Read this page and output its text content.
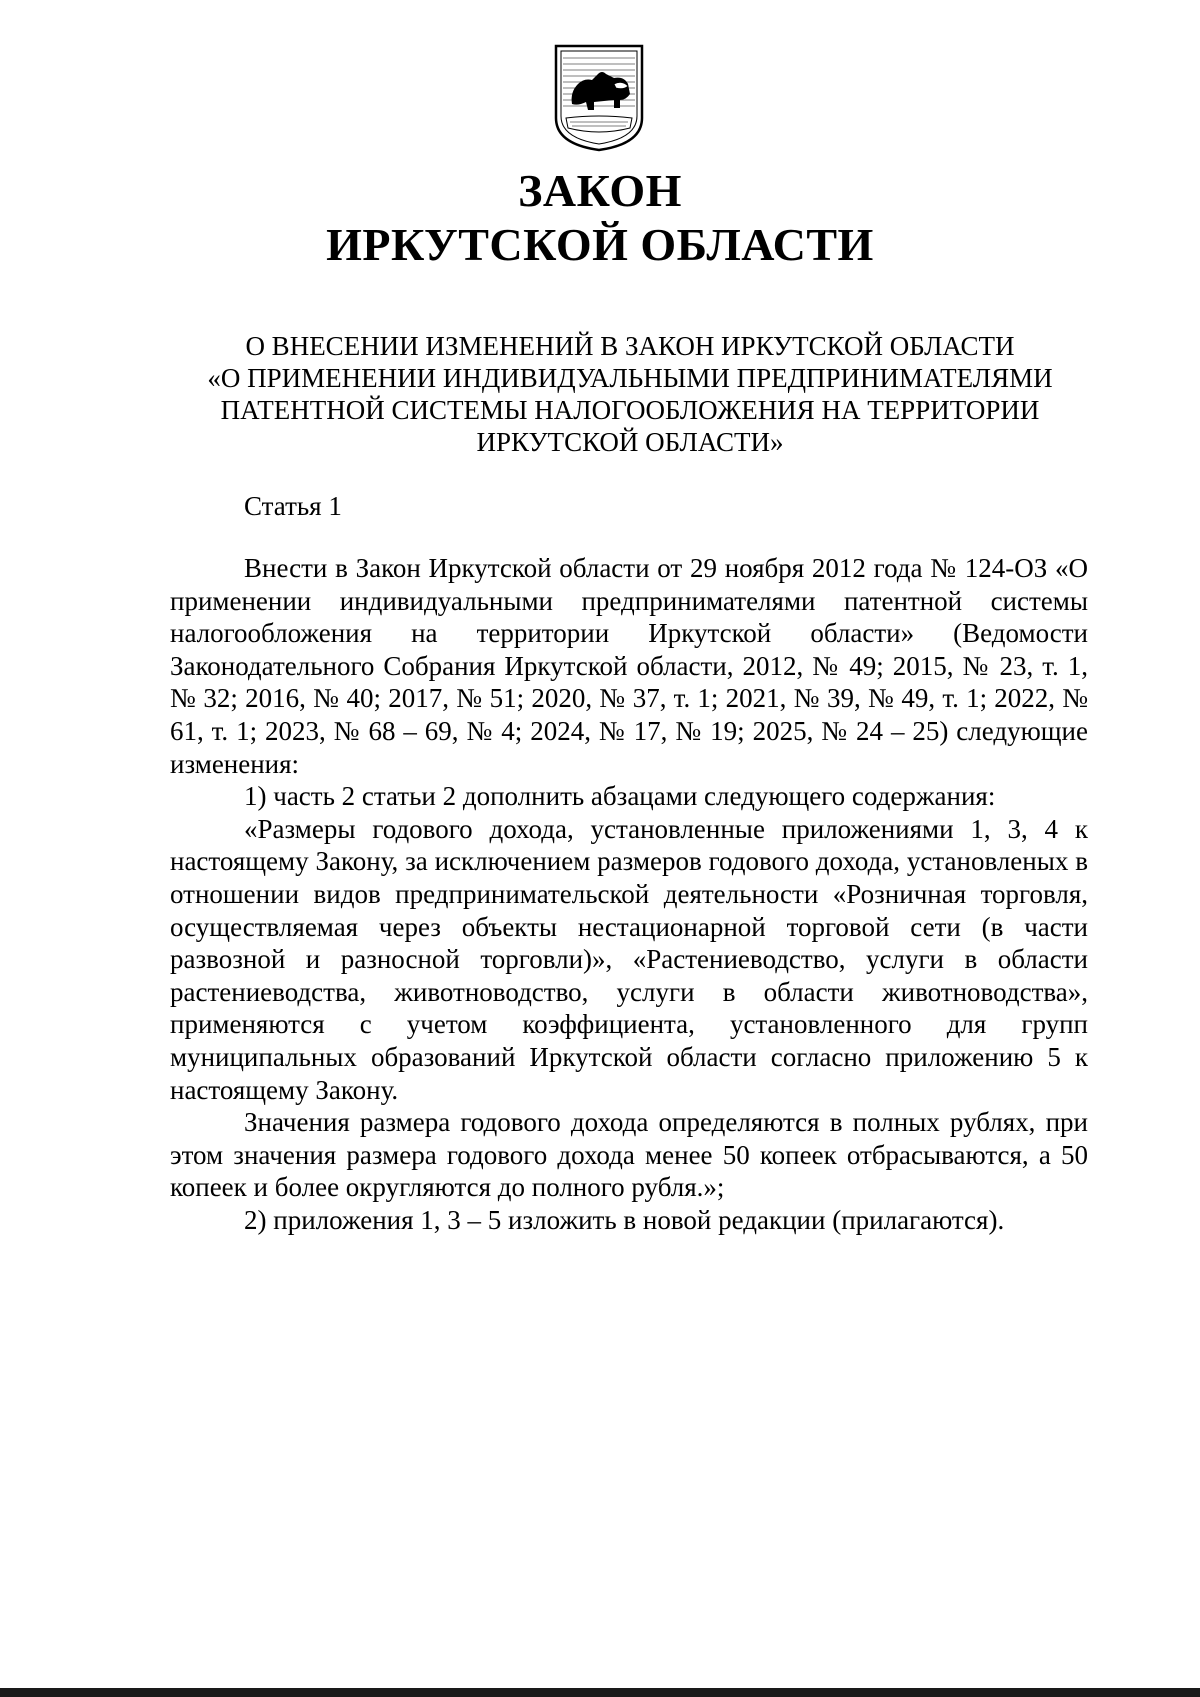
ЗАКОН
ИРКУТСКОЙ ОБЛАСТИ
О ВНЕСЕНИИ ИЗМЕНЕНИЙ В ЗАКОН ИРКУТСКОЙ ОБЛАСТИ
«О ПРИМЕНЕНИИ ИНДИВИДУАЛЬНЫМИ ПРЕДПРИНИМАТЕЛЯМИ
ПАТЕНТНОЙ СИСТЕМЫ НАЛОГООБЛОЖЕНИЯ НА ТЕРРИТОРИИ
ИРКУТСКОЙ ОБЛАСТИ»
Статья 1

Внести в Закон Иркутской области от 29 ноября 2012 года № 124-ОЗ «О применении индивидуальными предпринимателями патентной системы налогообложения на территории Иркутской области» (Ведомости Законодательного Собрания Иркутской области, 2012, № 49; 2015, № 23, т. 1, № 32; 2016, № 40; 2017, № 51; 2020, № 37, т. 1; 2021, № 39, № 49, т. 1; 2022, № 61, т. 1; 2023, № 68 – 69, № 4; 2024, № 17, № 19; 2025, № 24 – 25) следующие изменения:

1) часть 2 статьи 2 дополнить абзацами следующего содержания:

«Размеры годового дохода, установленные приложениями 1, 3, 4 к настоящему Закону, за исключением размеров годового дохода, установленых в отношении видов предпринимательской деятельности «Розничная торговля, осуществляемая через объекты нестационарной торговой сети (в части развозной и разносной торговли)», «Растениеводство, услуги в области растениеводства, животноводство, услуги в области животноводства», применяются с учетом коэффициента, установленного для групп муниципальных образований Иркутской области согласно приложению 5 к настоящему Закону.

Значения размера годового дохода определяются в полных рублях, при этом значения размера годового дохода менее 50 копеек отбрасываются, а 50 копеек и более округляются до полного рубля.»;

2) приложения 1, 3 – 5 изложить в новой редакции (прилагаются).
